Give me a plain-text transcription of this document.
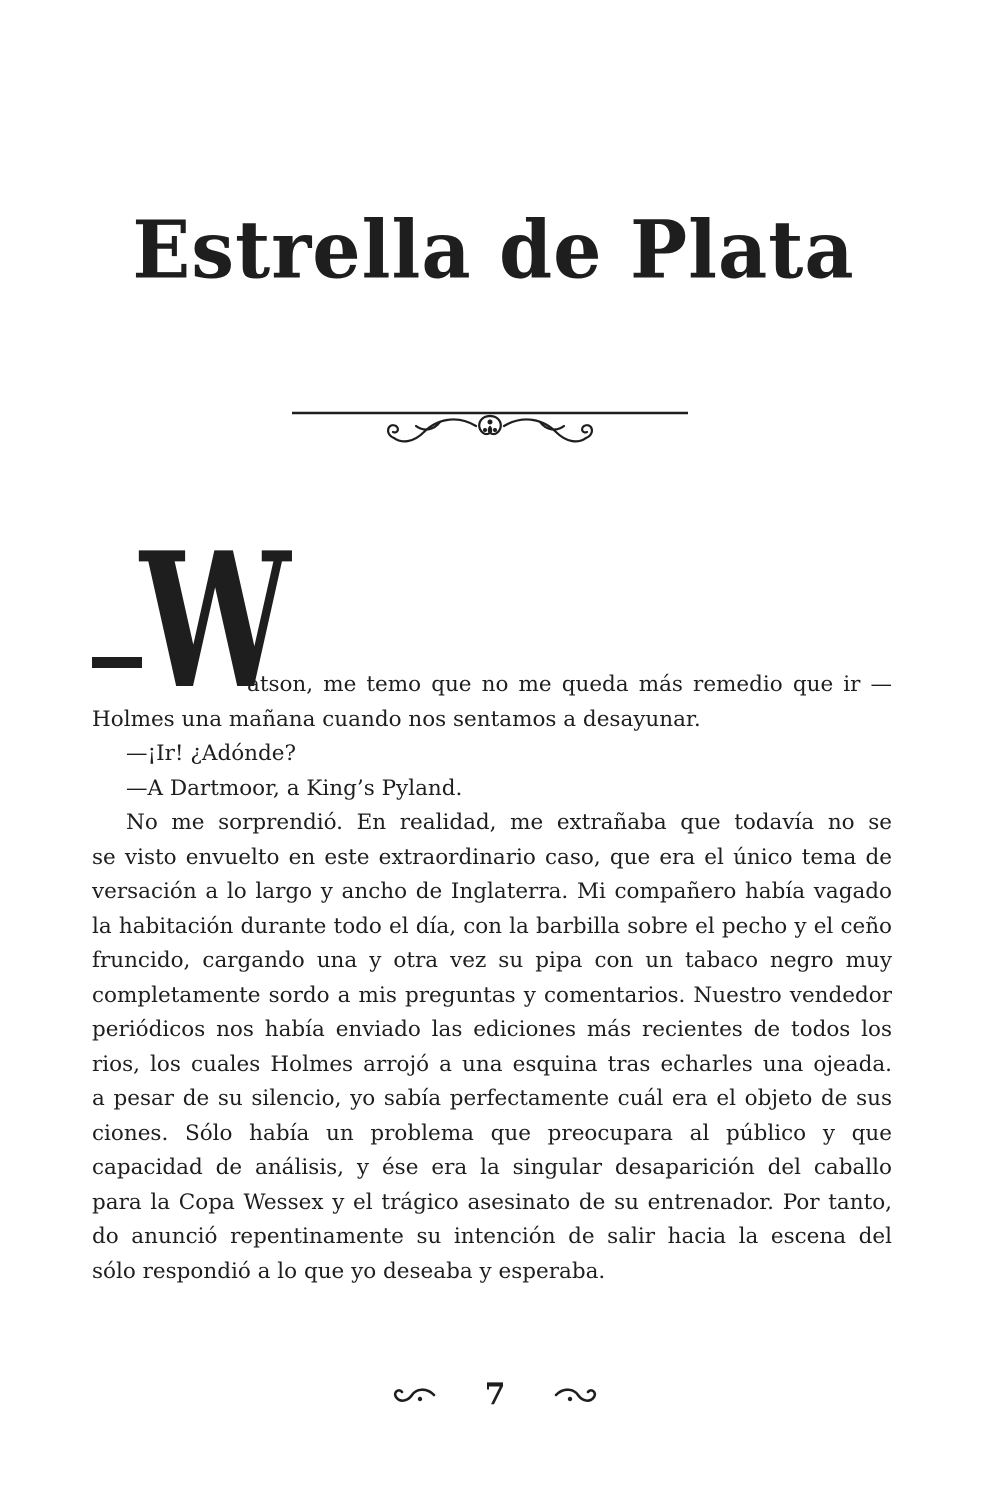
Estrella de Plata
W
atson, me temo que no me queda más remedio que ir —
Holmes una mañana cuando nos sentamos a desayunar.
—¡Ir! ¿Adónde?
—A Dartmoor, a King’s Pyland.
No me sorprendió. En realidad, me extrañaba que todavía no se
se visto envuelto en este extraordinario caso, que era el único tema de
versación a lo largo y ancho de Inglaterra. Mi compañero había vagado
la habitación durante todo el día, con la barbilla sobre el pecho y el ceño
fruncido, cargando una y otra vez su pipa con un tabaco negro muy
completamente sordo a mis preguntas y comentarios. Nuestro vendedor
periódicos nos había enviado las ediciones más recientes de todos los
rios, los cuales Holmes arrojó a una esquina tras echarles una ojeada.
a pesar de su silencio, yo sabía perfectamente cuál era el objeto de sus
ciones. Sólo había un problema que preocupara al público y que
capacidad de análisis, y ése era la singular desaparición del caballo
para la Copa Wessex y el trágico asesinato de su entrenador. Por tanto,
do anunció repentinamente su intención de salir hacia la escena del
sólo respondió a lo que yo deseaba y esperaba.
7
